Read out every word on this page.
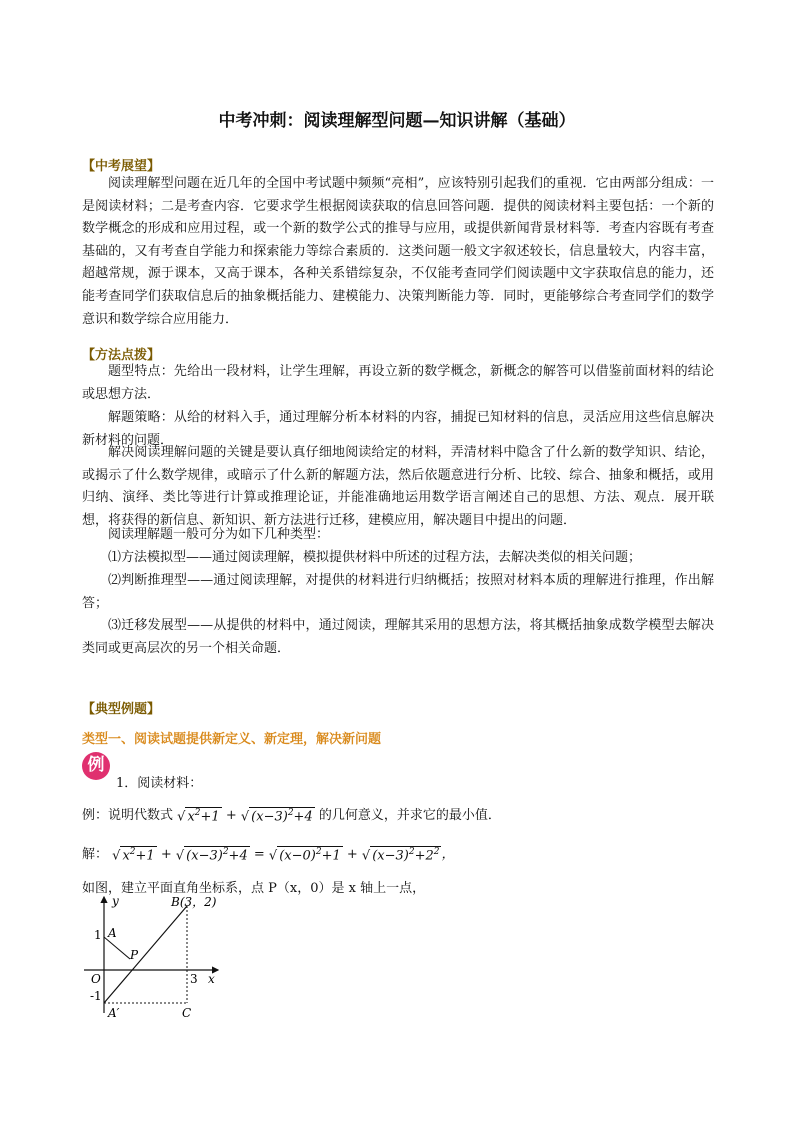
中考冲刺：阅读理解型问题—知识讲解（基础）
【中考展望】

阅读理解型问题在近几年的全国中考试题中频频“亮相”，应该特别引起我们的重视．它由两部分组成：一是阅读材料；二是考查内容．它要求学生根据阅读获取的信息回答问题．提供的阅读材料主要包括：一个新的数学概念的形成和应用过程，或一个新的数学公式的推导与应用，或提供新闻背景材料等．考查内容既有考查基础的，又有考查自学能力和探索能力等综合素质的．这类问题一般文字叙述较长，信息量较大，内容丰富，超越常规，源于课本，又高于课本，各种关系错综复杂，不仅能考查同学们阅读题中文字获取信息的能力，还能考查同学们获取信息后的抽象概括能力、建模能力、决策判断能力等．同时，更能够综合考查同学们的数学意识和数学综合应用能力．

【方法点拨】

题型特点：先给出一段材料，让学生理解，再设立新的数学概念，新概念的解答可以借鉴前面材料的结论或思想方法．

解题策略：从给的材料入手，通过理解分析本材料的内容，捕捉已知材料的信息，灵活应用这些信息解决新材料的问题．

解决阅读理解问题的关键是要认真仔细地阅读给定的材料，弄清材料中隐含了什么新的数学知识、结论，或揭示了什么数学规律，或暗示了什么新的解题方法，然后依题意进行分析、比较、综合、抽象和概括，或用归纳、演绎、类比等进行计算或推理论证，并能准确地运用数学语言阐述自己的思想、方法、观点．展开联想，将获得的新信息、新知识、新方法进行迁移，建模应用，解决题目中提出的问题．

阅读理解题一般可分为如下几种类型：

⑴方法模拟型——通过阅读理解，模拟提供材料中所述的过程方法，去解决类似的相关问题；

⑵判断推理型——通过阅读理解，对提供的材料进行归纳概括；按照对材料本质的理解进行推理，作出解答；

⑶迁移发展型——从提供的材料中，通过阅读，理解其采用的思想方法，将其概括抽象成数学模型去解决类同或更高层次的另一个相关命题．

【典型例题】
类型一、阅读试题提供新定义、新定理，解决新问题
例
1．阅读材料：
例：说明代数式 √ $x^2+1$ + √ $(x-3)^2+4$ 的几何意义，并求它的最小值．
解： √ $x^2+1$ + √ $(x-3)^2+4$ = √ $(x-0)^2+1$ + √ $(x-3)^2+2^2$ ，
如图，建立平面直角坐标系，点 P（x，0）是 x 轴上一点，
y
x
O
1
-1
3
A
A′
B(3，2)
C
P
